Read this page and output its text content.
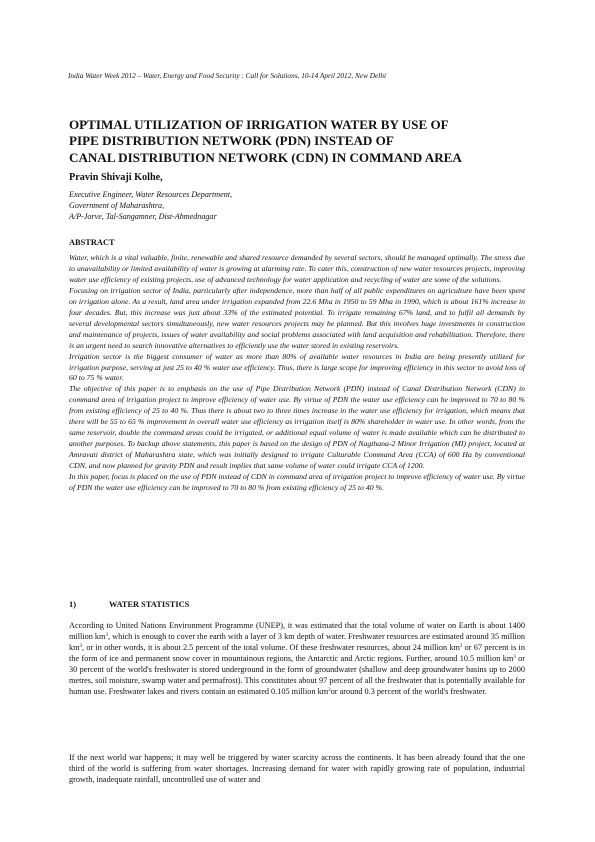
India Water Week 2012 – Water, Energy and Food Security : Call for Solutions, 10-14 April 2012, New Delhi
OPTIMAL UTILIZATION OF IRRIGATION WATER BY USE OF
PIPE DISTRIBUTION NETWORK (PDN) INSTEAD OF
CANAL DISTRIBUTION NETWORK (CDN) IN COMMAND AREA
Pravin Shivaji Kolhe,
Executive Engineer, Water Resources Department,
Government of Maharashtra,
A/P-Jorve, Tal-Sangamner, Dist-Ahmednagar
ABSTRACT

Water, which is a vital valuable, finite, renewable and shared resource demanded by several sectors, should be managed optimally. The stress due to unavailability or limited availability of water is growing at alarming rate. To cater this, construction of new water resources projects, improving water use efficiency of existing projects, use of advanced technology for water application and recycling of water are some of the solutions.

Focusing on irrigation sector of India, particularly after independence, more than half of all public expenditures on agriculture have been spent on irrigation alone. As a result, land area under irrigation expanded from 22.6 Mha in 1950 to 59 Mha in 1990, which is about 161% increase in four decades. But, this increase was just about 33% of the estimated potential. To irrigate remaining 67% land, and to fulfil all demands by several developmental sectors simultaneously, new water resources projects may be planned. But this involves huge investments in construction and maintenance of projects, issues of water availability and social problems associated with land acquisition and rehabilitation. Therefore, there is an urgent need to search innovative alternatives to efficiently use the water stored in existing reservoirs.

Irrigation sector is the biggest consumer of water as more than 80% of available water resources in India are being presently utilized for irrigation purpose, serving at just 25 to 40 % water use efficiency. Thus, there is large scope for improving efficiency in this sector to avoid loss of 60 to 75 % water.

The objective of this paper is to emphasis on the use of Pipe Distribution Network (PDN) instead of Canal Distribution Network (CDN) in command area of irrigation project to improve efficiency of water use. By virtue of PDN the water use efficiency can be improved to 70 to 80 % from existing efficiency of 25 to 40 %. Thus there is about two to three times increase in the water use efficiency for irrigation, which means that there will be 55 to 65 % improvement in overall water use efficiency as irrigation itself is 80% shareholder in water use. In other words, from the same reservoir, double the command areas could be irrigated, or additional equal volume of water is made available which can be distributed to another purposes. To backup above statements, this paper is based on the design of PDN of Nagthana-2 Minor Irrigation (MI) project, located at Amravati district of Maharashtra state, which was initially designed to irrigate Culturable Command Area (CCA) of 600 Ha by conventional CDN, and now planned for gravity PDN and result implies that same volume of water could irrigate CCA of 1200.

In this paper, focus is placed on the use of PDN instead of CDN in command area of irrigation project to improve efficiency of water use. By virtue of PDN the water use efficiency can be improved to 70 to 80 % from existing efficiency of 25 to 40 %.

1)	WATER STATISTICS

According to United Nations Environment Programme (UNEP), it was estimated that the total volume of water on Earth is about 1400 million $km^3$, which is enough to cover the earth with a layer of 3 km depth of water. Freshwater resources are estimated around 35 million $km^3$, or in other words, it is about 2.5 percent of the total volume. Of these freshwater resources, about 24 million $km^3$ or 67 percent is in the form of ice and permanent snow cover in mountainous regions, the Antarctic and Arctic regions. Further, around 10.5 million $km^3$ or 30 percent of the world's freshwater is stored underground in the form of groundwater (shallow and deep groundwater basins up to 2000 metres, soil moisture, swamp water and permafrost). This constitutes about 97 percent of all the freshwater that is potentially available for human use. Freshwater lakes and rivers contain an estimated 0.105 million $km^3or$ around 0.3 percent of the world's freshwater.

If the next world war happens; it may well be triggered by water scarcity across the continents. It has been already found that the one third of the world is suffering from water shortages. Increasing demand for water with rapidly growing rate of population, industrial growth, inadequate rainfall, uncontrolled use of water and
